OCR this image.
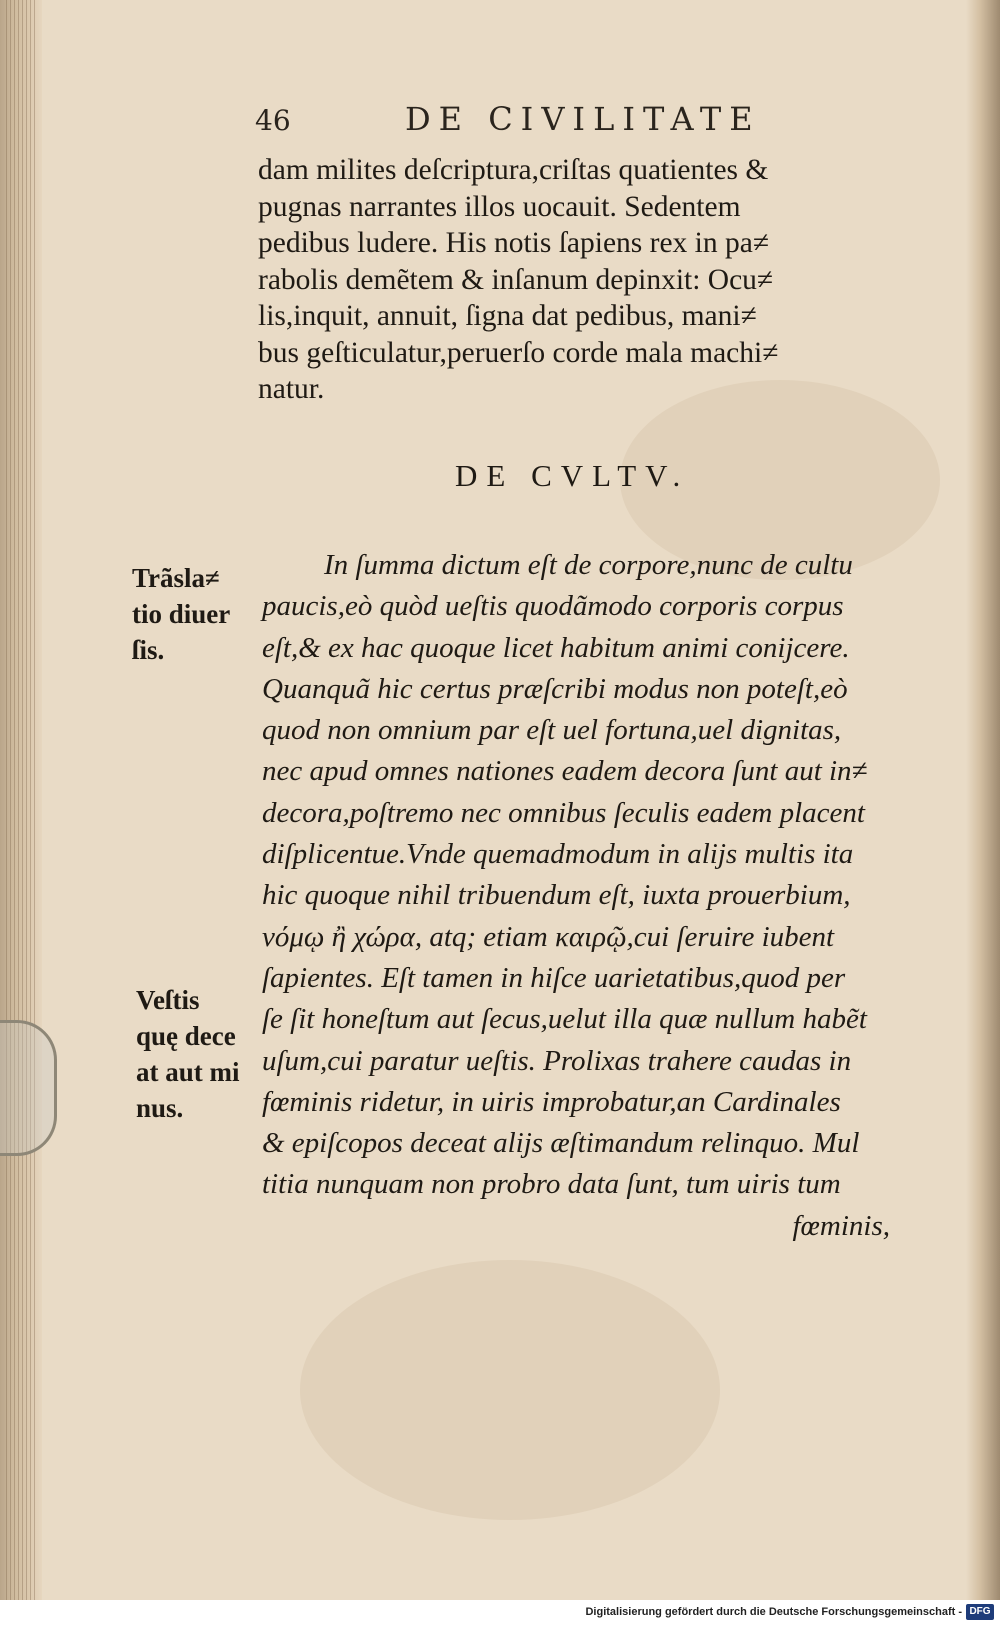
46	DE CIVILITATE
dam milites deſcriptura,criſtas quatientes &
pugnas narrantes illos uocauit. Sedentem
pedibus ludere. His notis ſapiens rex in pa≠
rabolis demẽtem & inſanum depinxit: Ocu≠
lis,inquit, annuit, ſigna dat pedibus, mani≠
bus geſticulatur,peruerſo corde mala machi≠
natur.
DE CVLTV.
Trãsla≠
tio diuer
ſis.
Veſtis
quę dece
at aut mi
nus.
In ſumma dictum eſt de corpore,nunc de cultu
paucis,eò quòd ueſtis quodãmodo corporis corpus
eſt,& ex hac quoque licet habitum animi conijcere.
Quanquã hic certus præſcribi modus non poteſt,eò
quod non omnium par eſt uel fortuna,uel dignitas,
nec apud omnes nationes eadem decora ſunt aut in≠
decora,poſtremo nec omnibus ſeculis eadem placent
diſplicentue.Vnde quemadmodum in alijs multis ita
hic quoque nihil tribuendum eſt, iuxta prouerbium,
νόμῳ ἢ χώρα, atq; etiam καιρῷ,cui ſeruire iubent
ſapientes. Eſt tamen in hiſce uarietatibus,quod per
ſe ſit honeſtum aut ſecus,uelut illa quæ nullum habẽt
uſum,cui paratur ueſtis. Prolixas trahere caudas in
fœminis ridetur, in uiris improbatur,an Cardinales
& epiſcopos deceat alijs æſtimandum relinquo. Mul
titia nunquam non probro data ſunt, tum uiris tum
fœminis,
Digitalisierung gefördert durch die Deutsche Forschungsgemeinschaft - DFG
